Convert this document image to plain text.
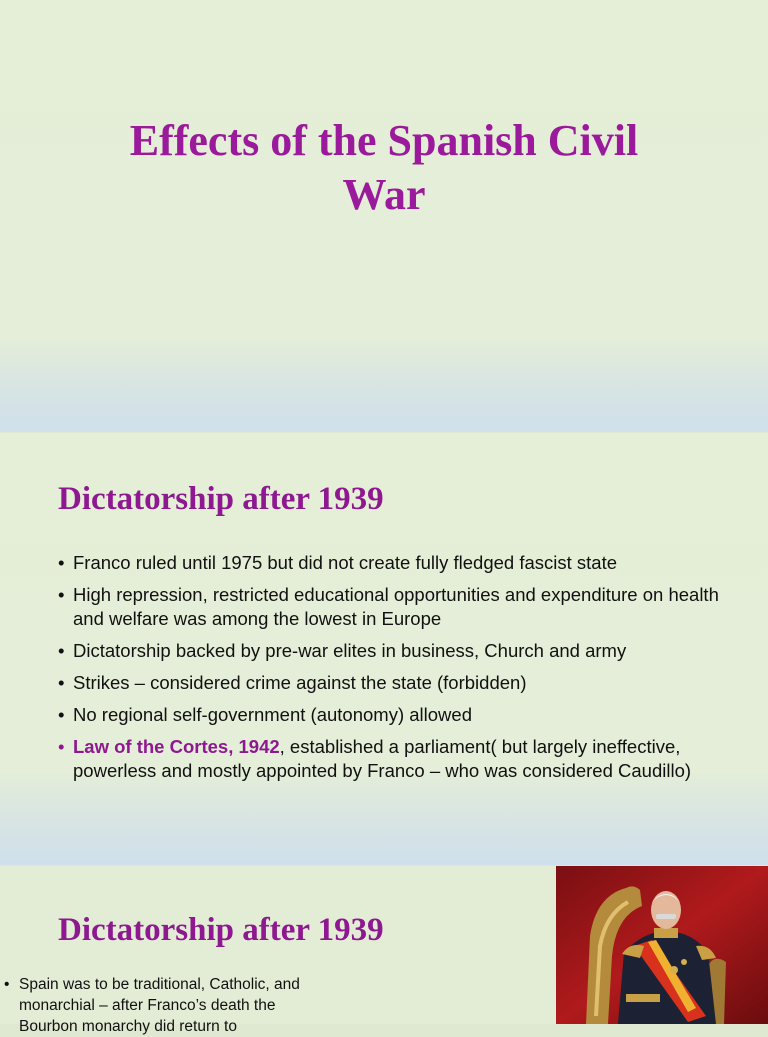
Effects of the Spanish Civil
War
Dictatorship after 1939
• Franco ruled until 1975 but did not create fully fledged fascist state
• High repression, restricted educational opportunities and expenditure on health and welfare was among the lowest in Europe
• Dictatorship backed by pre-war elites in business, Church and army
• Strikes – considered crime against the state (forbidden)
• No regional self-government (autonomy) allowed
• Law of the Cortes, 1942, established a parliament( but largely ineffective, powerless and mostly appointed by Franco – who was considered Caudillo)
Dictatorship after 1939
• Spain was to be traditional, Catholic, and monarchial – after Franco’s death the Bourbon monarchy did return to
